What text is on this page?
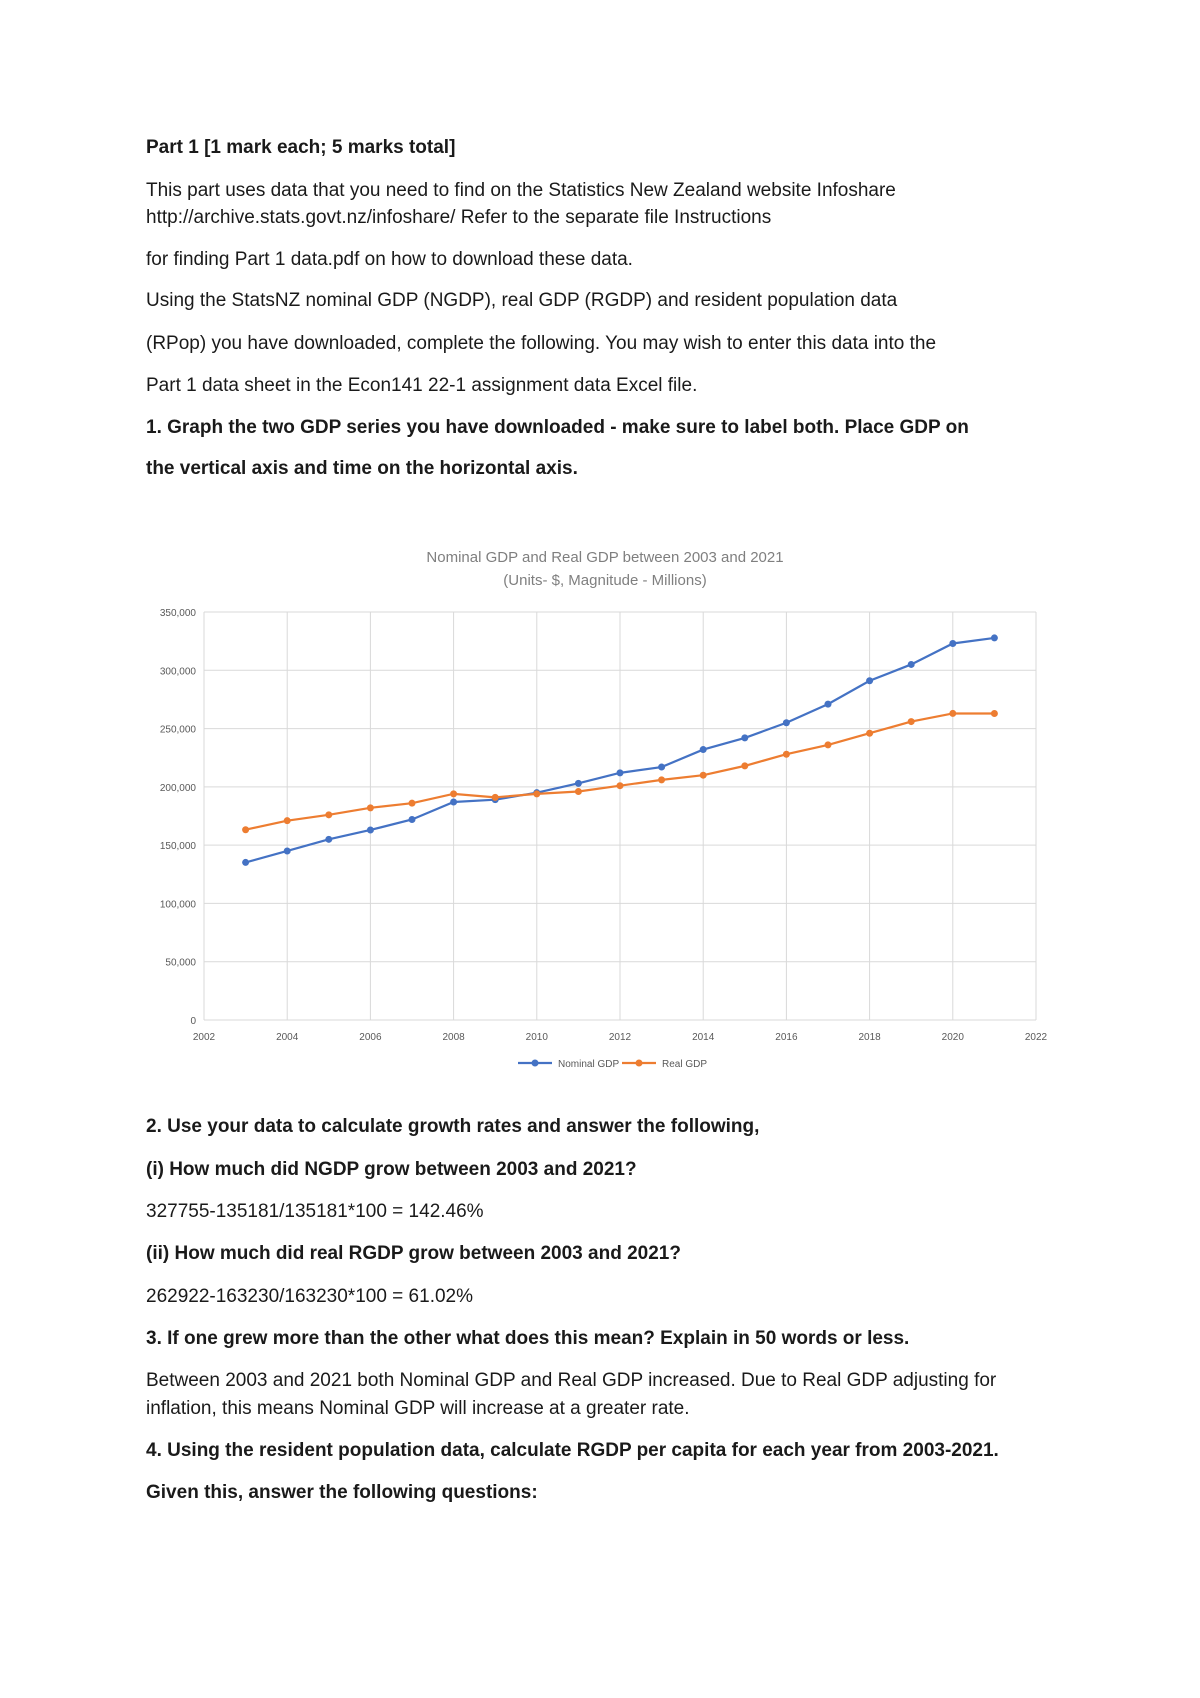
Part 1 [1 mark each; 5 marks total]
This part uses data that you need to find on the Statistics New Zealand website Infoshare
http://archive.stats.govt.nz/infoshare/ Refer to the separate file Instructions
for finding Part 1 data.pdf on how to download these data.
Using the StatsNZ nominal GDP (NGDP), real GDP (RGDP) and resident population data
(RPop) you have downloaded, complete the following. You may wish to enter this data into the
Part 1 data sheet in the Econ141 22-1 assignment data Excel file.
1. Graph the two GDP series you have downloaded - make sure to label both. Place GDP on
the vertical axis and time on the horizontal axis.
Nominal GDP and Real GDP between 2003 and 2021
(Units- $, Magnitude - Millions)
0
50,000
100,000
150,000
200,000
250,000
300,000
350,000
2002	2004	2006	2008	2010	2012	2014	2016	2018	2020	2022
Nominal GDP	Real GDP
2. Use your data to calculate growth rates and answer the following,
(i) How much did NGDP grow between 2003 and 2021?
327755-135181/135181*100 = 142.46%
(ii) How much did real RGDP grow between 2003 and 2021?
262922-163230/163230*100 = 61.02%
3. If one grew more than the other what does this mean? Explain in 50 words or less.
Between 2003 and 2021 both Nominal GDP and Real GDP increased. Due to Real GDP adjusting for
inflation, this means Nominal GDP will increase at a greater rate.
4. Using the resident population data, calculate RGDP per capita for each year from 2003-2021.
Given this, answer the following questions:
